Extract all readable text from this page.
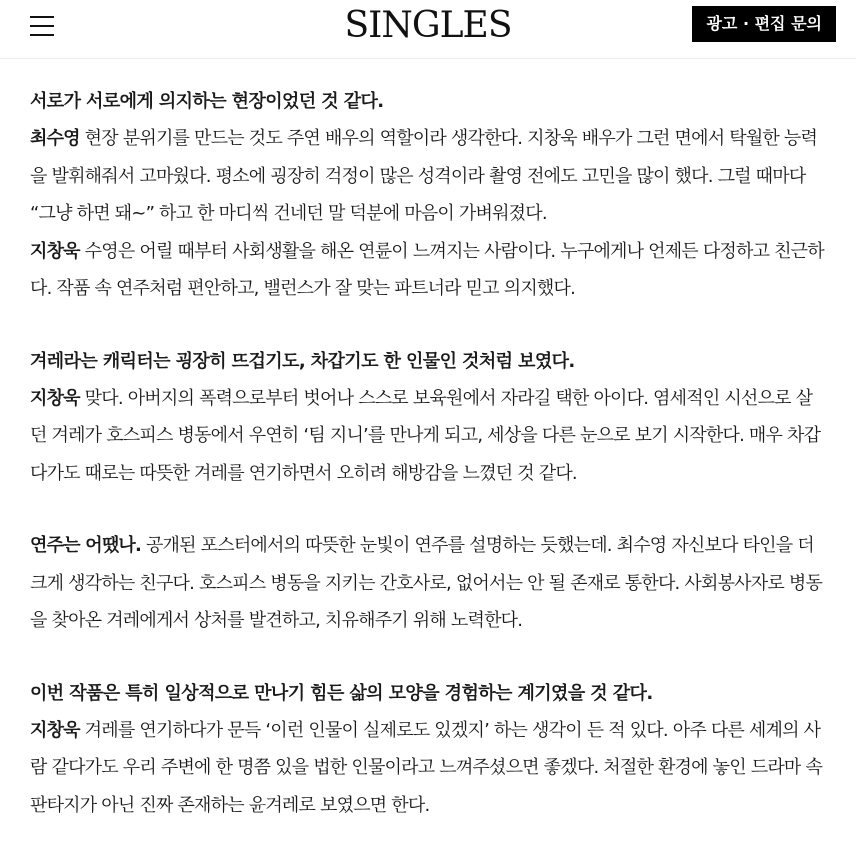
SINGLES	광고 · 편집 문의

서로가 서로에게 의지하는 현장이었던 것 같다.

최수영 현장 분위기를 만드는 것도 주연 배우의 역할이라 생각한다. 지창욱 배우가 그런 면에서 탁월한 능력을 발휘해줘서 고마웠다. 평소에 굉장히 걱정이 많은 성격이라 촬영 전에도 고민을 많이 했다. 그럴 때마다 “그냥 하면 돼~” 하고 한 마디씩 건네던 말 덕분에 마음이 가벼워졌다.

지창욱 수영은 어릴 때부터 사회생활을 해온 연륜이 느껴지는 사람이다. 누구에게나 언제든 다정하고 친근하다. 작품 속 연주처럼 편안하고, 밸런스가 잘 맞는 파트너라 믿고 의지했다.

겨레라는 캐릭터는 굉장히 뜨겁기도, 차갑기도 한 인물인 것처럼 보였다.

지창욱 맞다. 아버지의 폭력으로부터 벗어나 스스로 보육원에서 자라길 택한 아이다. 염세적인 시선으로 살던 겨레가 호스피스 병동에서 우연히 ‘팀 지니’를 만나게 되고, 세상을 다른 눈으로 보기 시작한다. 매우 차갑다가도 때로는 따뜻한 겨레를 연기하면서 오히려 해방감을 느꼈던 것 같다.

연주는 어땠나. 공개된 포스터에서의 따뜻한 눈빛이 연주를 설명하는 듯했는데. 최수영 자신보다 타인을 더 크게 생각하는 친구다. 호스피스 병동을 지키는 간호사로, 없어서는 안 될 존재로 통한다. 사회봉사자로 병동을 찾아온 겨레에게서 상처를 발견하고, 치유해주기 위해 노력한다.

이번 작품은 특히 일상적으로 만나기 힘든 삶의 모양을 경험하는 계기였을 것 같다.

지창욱 겨레를 연기하다가 문득 ‘이런 인물이 실제로도 있겠지’ 하는 생각이 든 적 있다. 아주 다른 세계의 사람 같다가도 우리 주변에 한 명쯤 있을 법한 인물이라고 느껴주셨으면 좋겠다. 처절한 환경에 놓인 드라마 속 판타지가 아닌 진짜 존재하는 윤겨레로 보였으면 한다.
